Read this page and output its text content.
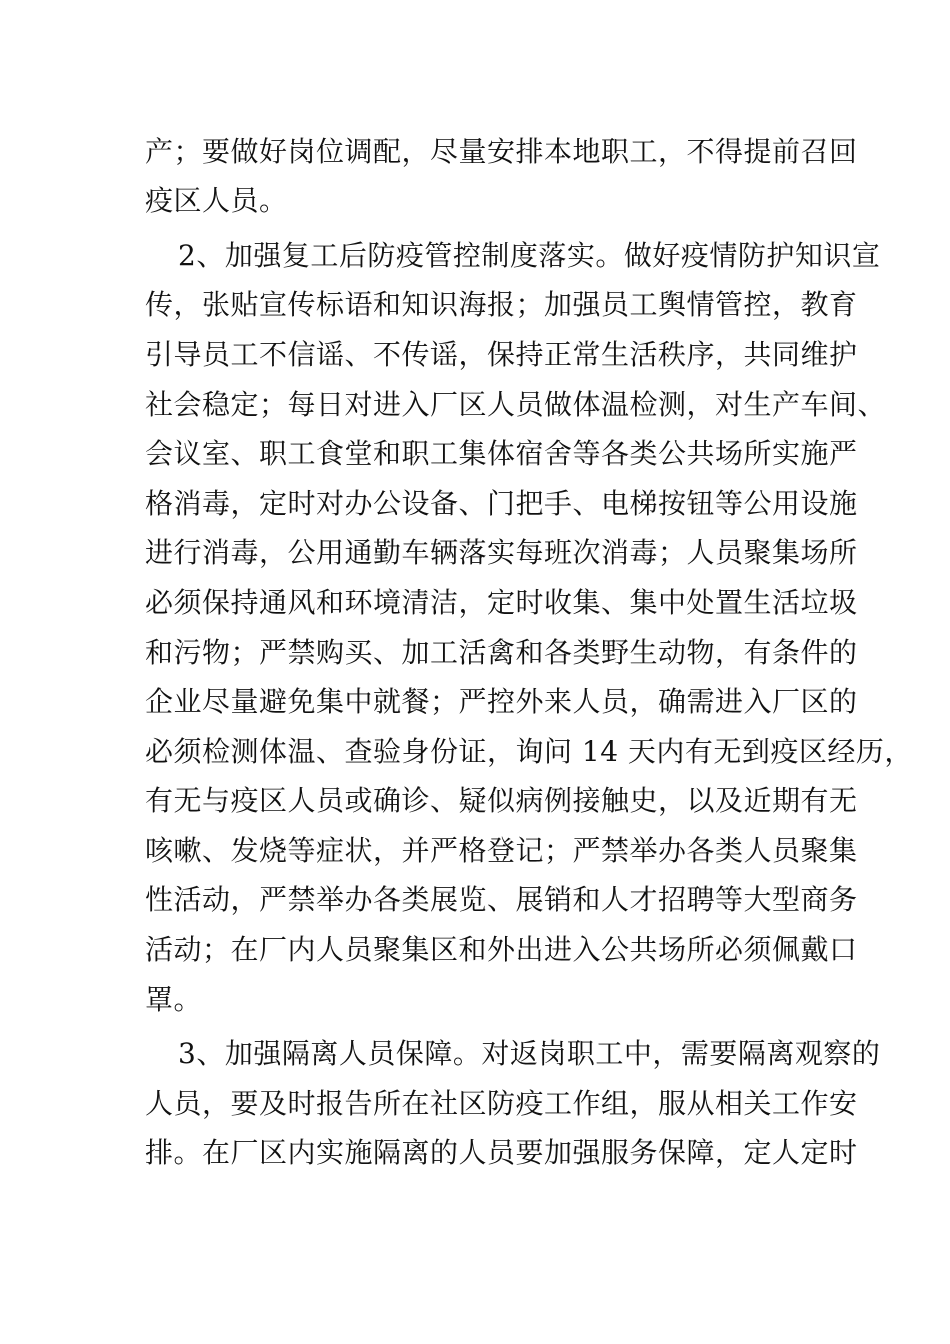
产；要做好岗位调配，尽量安排本地职工，不得提前召回
疫区人员。
2、加强复工后防疫管控制度落实。做好疫情防护知识宣
传，张贴宣传标语和知识海报；加强员工舆情管控，教育
引导员工不信谣、不传谣，保持正常生活秩序，共同维护
社会稳定；每日对进入厂区人员做体温检测，对生产车间、
会议室、职工食堂和职工集体宿舍等各类公共场所实施严
格消毒，定时对办公设备、门把手、电梯按钮等公用设施
进行消毒，公用通勤车辆落实每班次消毒；人员聚集场所
必须保持通风和环境清洁，定时收集、集中处置生活垃圾
和污物；严禁购买、加工活禽和各类野生动物，有条件的
企业尽量避免集中就餐；严控外来人员，确需进入厂区的
必须检测体温、查验身份证，询问 14 天内有无到疫区经历，
有无与疫区人员或确诊、疑似病例接触史，以及近期有无
咳嗽、发烧等症状，并严格登记；严禁举办各类人员聚集
性活动，严禁举办各类展览、展销和人才招聘等大型商务
活动；在厂内人员聚集区和外出进入公共场所必须佩戴口
罩。
3、加强隔离人员保障。对返岗职工中，需要隔离观察的
人员，要及时报告所在社区防疫工作组，服从相关工作安
排。在厂区内实施隔离的人员要加强服务保障，定人定时
